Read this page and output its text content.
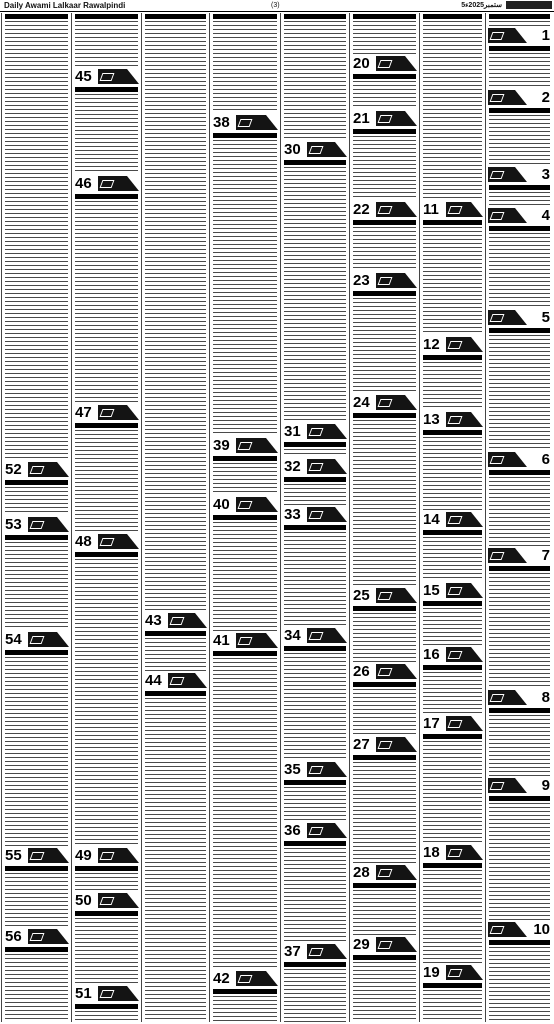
Daily Awami Lalkaar Rawalpindi	(3)	5ستمبر2025ء
1
2
3
4
5
6
7
8
9
10
11
12
13
14
15
16
17
18
19
20
21
22
23
24
25
26
27
28
29
30
31
32
33
34
35
36
37
38
39
40
41
42
43
44
45
46
47
48
49
50
51
52
53
54
55
56
